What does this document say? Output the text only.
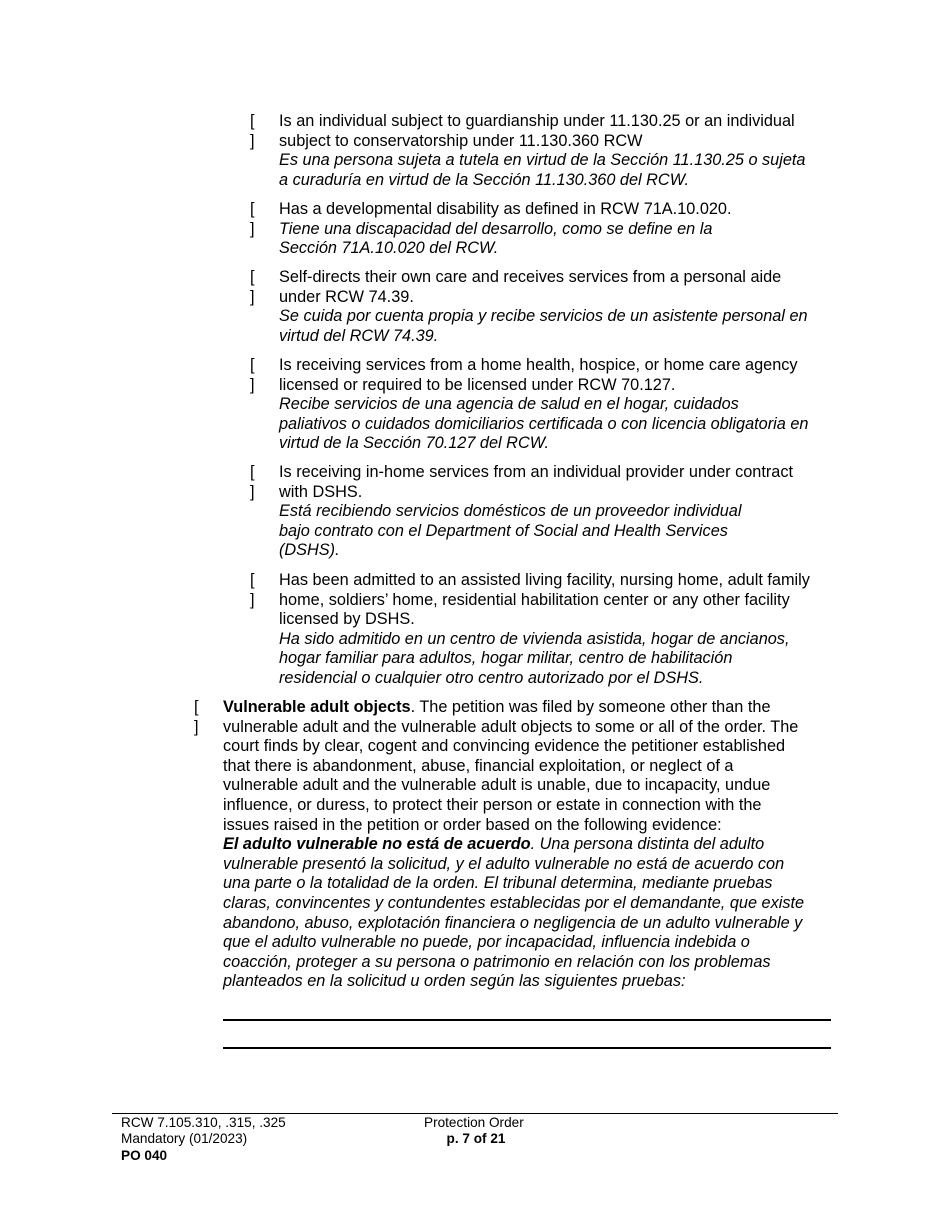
[ ]
Is an individual subject to guardianship under 11.130.25 or an individual
subject to conservatorship under 11.130.360 RCW
Es una persona sujeta a tutela en virtud de la Sección 11.130.25 o sujeta
a curaduría en virtud de la Sección 11.130.360 del RCW.
[ ]
Has a developmental disability as defined in RCW 71A.10.020.
Tiene una discapacidad del desarrollo, como se define en la
Sección 71A.10.020 del RCW.
[ ]
Self-directs their own care and receives services from a personal aide
under RCW 74.39.
Se cuida por cuenta propia y recibe servicios de un asistente personal en
virtud del RCW 74.39.
[ ]
Is receiving services from a home health, hospice, or home care agency
licensed or required to be licensed under RCW 70.127.
Recibe servicios de una agencia de salud en el hogar, cuidados
paliativos o cuidados domiciliarios certificada o con licencia obligatoria en
virtud de la Sección 70.127 del RCW.
[ ]
Is receiving in-home services from an individual provider under contract
with DSHS.
Está recibiendo servicios domésticos de un proveedor individual
bajo contrato con el Department of Social and Health Services
(DSHS).
[ ]
Has been admitted to an assisted living facility, nursing home, adult family
home, soldiers’ home, residential habilitation center or any other facility
licensed by DSHS.
Ha sido admitido en un centro de vivienda asistida, hogar de ancianos,
hogar familiar para adultos, hogar militar, centro de habilitación
residencial o cualquier otro centro autorizado por el DSHS.
[ ]
Vulnerable adult objects. The petition was filed by someone other than the
vulnerable adult and the vulnerable adult objects to some or all of the order. The
court finds by clear, cogent and convincing evidence the petitioner established
that there is abandonment, abuse, financial exploitation, or neglect of a
vulnerable adult and the vulnerable adult is unable, due to incapacity, undue
influence, or duress, to protect their person or estate in connection with the
issues raised in the petition or order based on the following evidence:
El adulto vulnerable no está de acuerdo. Una persona distinta del adulto
vulnerable presentó la solicitud, y el adulto vulnerable no está de acuerdo con
una parte o la totalidad de la orden. El tribunal determina, mediante pruebas
claras, convincentes y contundentes establecidas por el demandante, que existe
abandono, abuso, explotación financiera o negligencia de un adulto vulnerable y
que el adulto vulnerable no puede, por incapacidad, influencia indebida o
coacción, proteger a su persona o patrimonio en relación con los problemas
planteados en la solicitud u orden según las siguientes pruebas:
RCW 7.105.310, .315, .325
Mandatory (01/2023)
PO 040
Protection Order
p. 7 of 21
